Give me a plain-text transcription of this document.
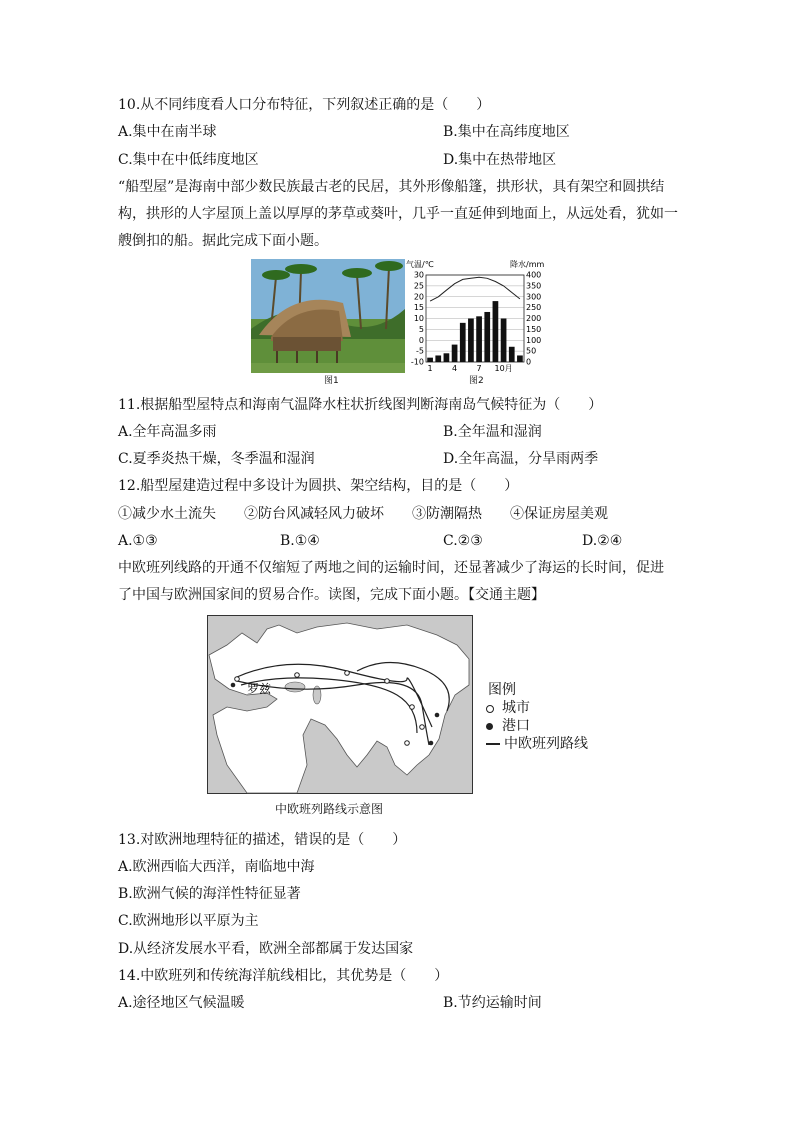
10.从不同纬度看人口分布特征，下列叙述正确的是（　　）
A.集中在南半球	B.集中在高纬度地区
C.集中在中低纬度地区	D.集中在热带地区
“船型屋”是海南中部少数民族最古老的民居，其外形像船篷，拱形状，具有架空和圆拱结
构，拱形的人字屋顶上盖以厚厚的茅草或葵叶，几乎一直延伸到地面上，从远处看，犹如一
艘倒扣的船。据此完成下面小题。
图1
气温/℃	降水/mm
30
25
20
15
10
5
0
-5
-10
400
350
300
250
200
150
100
50
0
1 4 7 10月
图2
11.根据船型屋特点和海南气温降水柱状折线图判断海南岛气候特征为（　　）
A.全年高温多雨	B.全年温和湿润
C.夏季炎热干燥，冬季温和湿润	D.全年高温，分旱雨两季
12.船型屋建造过程中多设计为圆拱、架空结构，目的是（　　）
①减少水土流失　　②防台风减轻风力破坏　　③防潮隔热　　④保证房屋美观
A.①③	B.①④	C.②③	D.②④
中欧班列线路的开通不仅缩短了两地之间的运输时间，还显著减少了海运的长时间，促进
了中国与欧洲国家间的贸易合作。读图，完成下面小题。【交通主题】
罗兹	图例
城市
港口
中欧班列路线
中欧班列路线示意图
13.对欧洲地理特征的描述，错误的是（　　）
A.欧洲西临大西洋，南临地中海
B.欧洲气候的海洋性特征显著
C.欧洲地形以平原为主
D.从经济发展水平看，欧洲全部都属于发达国家
14.中欧班列和传统海洋航线相比，其优势是（　　）
A.途径地区气候温暖	B.节约运输时间
